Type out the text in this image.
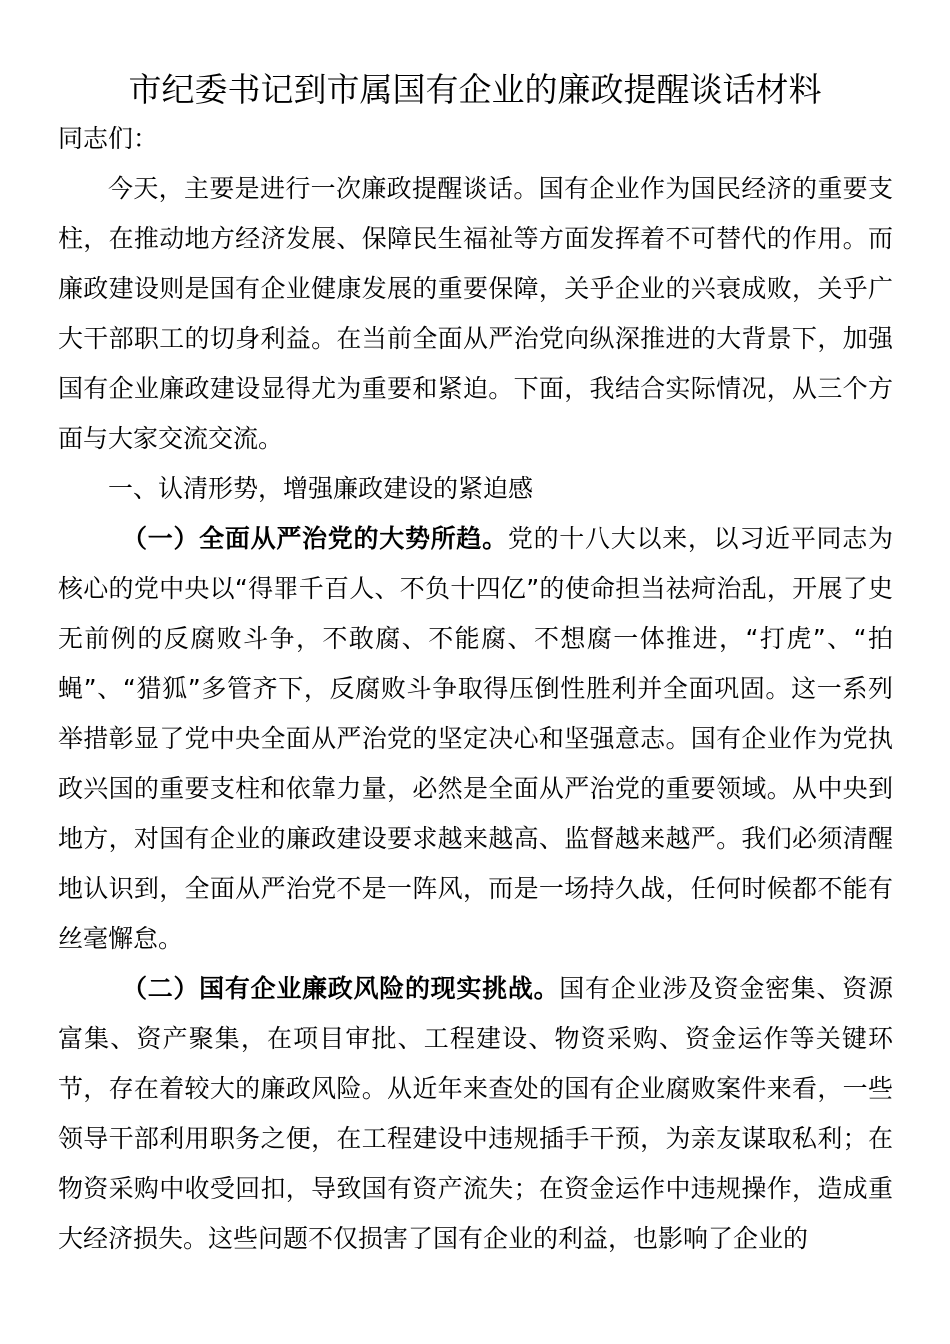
市纪委书记到市属国有企业的廉政提醒谈话材料

同志们：

今天，主要是进行一次廉政提醒谈话。国有企业作为国民经济的重要支柱，在推动地方经济发展、保障民生福祉等方面发挥着不可替代的作用。而廉政建设则是国有企业健康发展的重要保障，关乎企业的兴衰成败，关乎广大干部职工的切身利益。在当前全面从严治党向纵深推进的大背景下，加强国有企业廉政建设显得尤为重要和紧迫。下面，我结合实际情况，从三个方面与大家交流交流。

一、认清形势，增强廉政建设的紧迫感

（一）全面从严治党的大势所趋。党的十八大以来，以习近平同志为核心的党中央以“得罪千百人、不负十四亿”的使命担当祛疴治乱，开展了史无前例的反腐败斗争，不敢腐、不能腐、不想腐一体推进，“打虎”、“拍蝇”、“猎狐”多管齐下，反腐败斗争取得压倒性胜利并全面巩固。这一系列举措彰显了党中央全面从严治党的坚定决心和坚强意志。国有企业作为党执政兴国的重要支柱和依靠力量，必然是全面从严治党的重要领域。从中央到地方，对国有企业的廉政建设要求越来越高、监督越来越严。我们必须清醒地认识到，全面从严治党不是一阵风，而是一场持久战，任何时候都不能有丝毫懈怠。

（二）国有企业廉政风险的现实挑战。国有企业涉及资金密集、资源富集、资产聚集，在项目审批、工程建设、物资采购、资金运作等关键环节，存在着较大的廉政风险。从近年来查处的国有企业腐败案件来看，一些领导干部利用职务之便，在工程建设中违规插手干预，为亲友谋取私利；在物资采购中收受回扣，导致国有资产流失；在资金运作中违规操作，造成重大经济损失。这些问题不仅损害了国有企业的利益，也影响了企业的
